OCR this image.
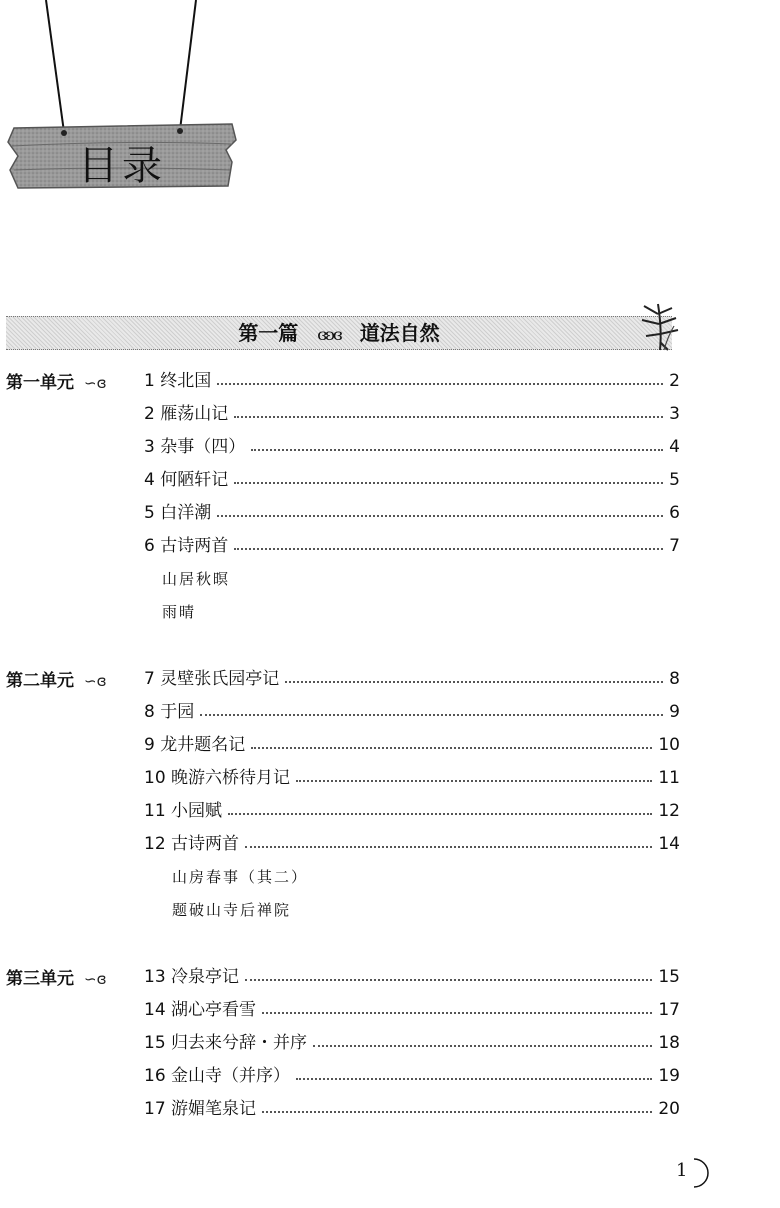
目录
第一篇 ɞʚɞ 道法自然
第一单元 ∽ɞ 1 终北国	2
2 雁荡山记	3
3 杂事（四）	4
4 何陋轩记	5
5 白洋潮	6
6 古诗两首	7
山居秋暝
雨晴
第二单元 ∽ɞ 7 灵壁张氏园亭记	8
8 于园	9
9 龙井题名记	10
10 晚游六桥待月记	11
11 小园赋	12
12 古诗两首	14
山房春事（其二）
题破山寺后禅院
第三单元 ∽ɞ 13 冷泉亭记	15
14 湖心亭看雪	17
15 归去来兮辞・并序	18
16 金山寺（并序）	19
17 游媚笔泉记	20
1
